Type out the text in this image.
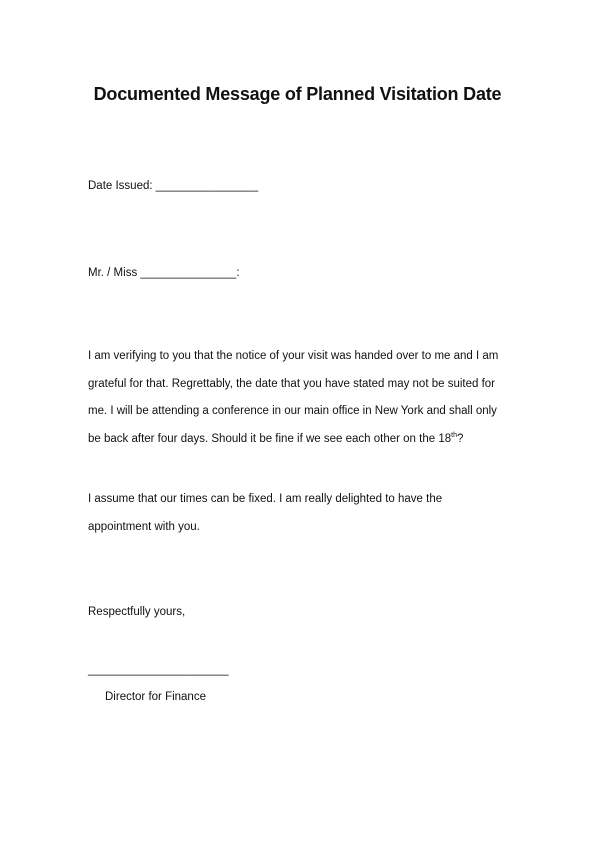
Documented Message of Planned Visitation Date
Date Issued: ________________
Mr. / Miss _______________:
I am verifying to you that the notice of your visit was handed over to me and I am
grateful for that. Regrettably, the date that you have stated may not be suited for
me. I will be attending a conference in our main office in New York and shall only
be back after four days. Should it be fine if we see each other on the 18th?
I assume that our times can be fixed. I am really delighted to have the
appointment with you.
Respectfully yours,
______________________
Director for Finance
